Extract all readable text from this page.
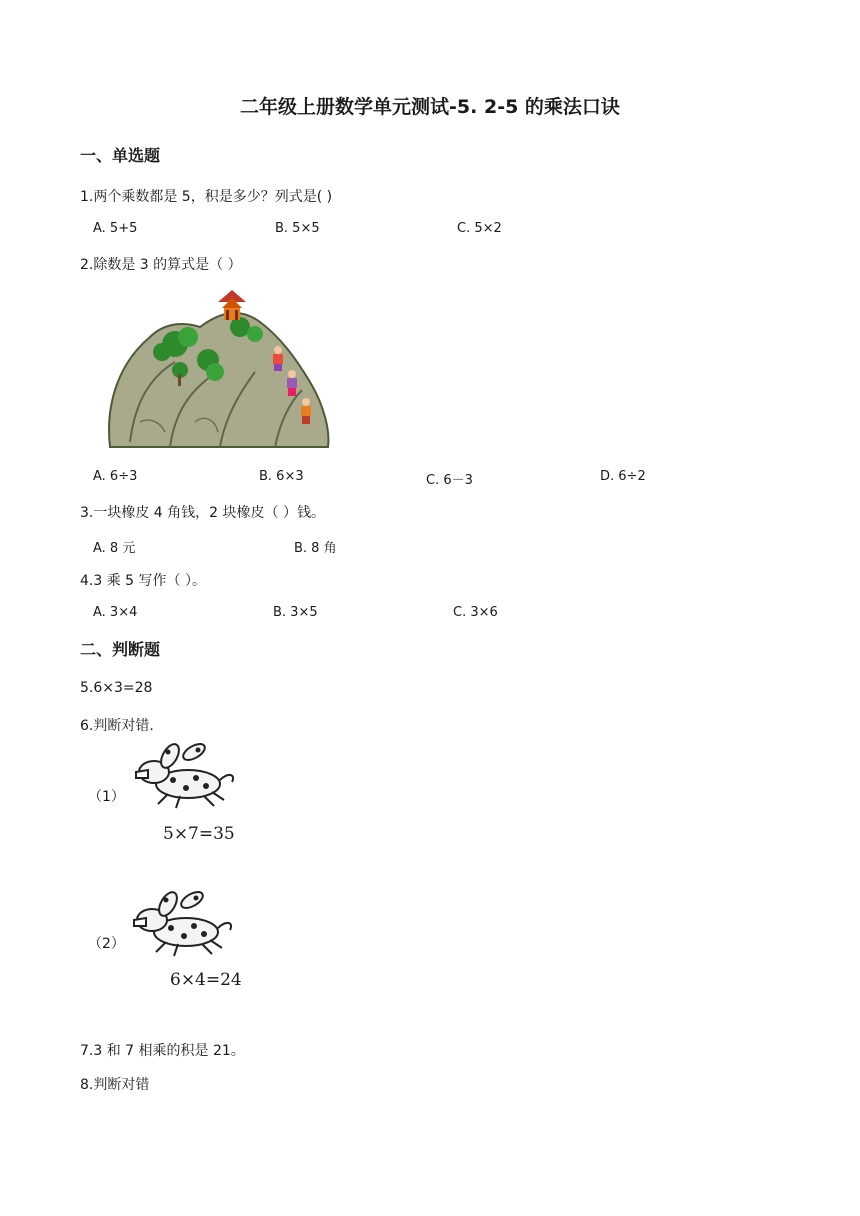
二年级上册数学单元测试-5. 2-5 的乘法口诀
一、单选题
1.两个乘数都是 5，积是多少？列式是( )
A. 5+5	B. 5×5	C. 5×2
2.除数是 3 的算式是（ ）
A. 6÷3	B. 6×3	C. 6－3	D. 6÷2
3.一块橡皮 4 角钱，2 块橡皮（ ）钱。
A. 8 元	B. 8 角
4.3 乘 5 写作（ ）。
A. 3×4	B. 3×5	C. 3×6
二、判断题
5.6×3=28
6.判断对错.
（1）
5×7=35
（2）
6×4=24
7.3 和 7 相乘的积是 21。
8.判断对错
